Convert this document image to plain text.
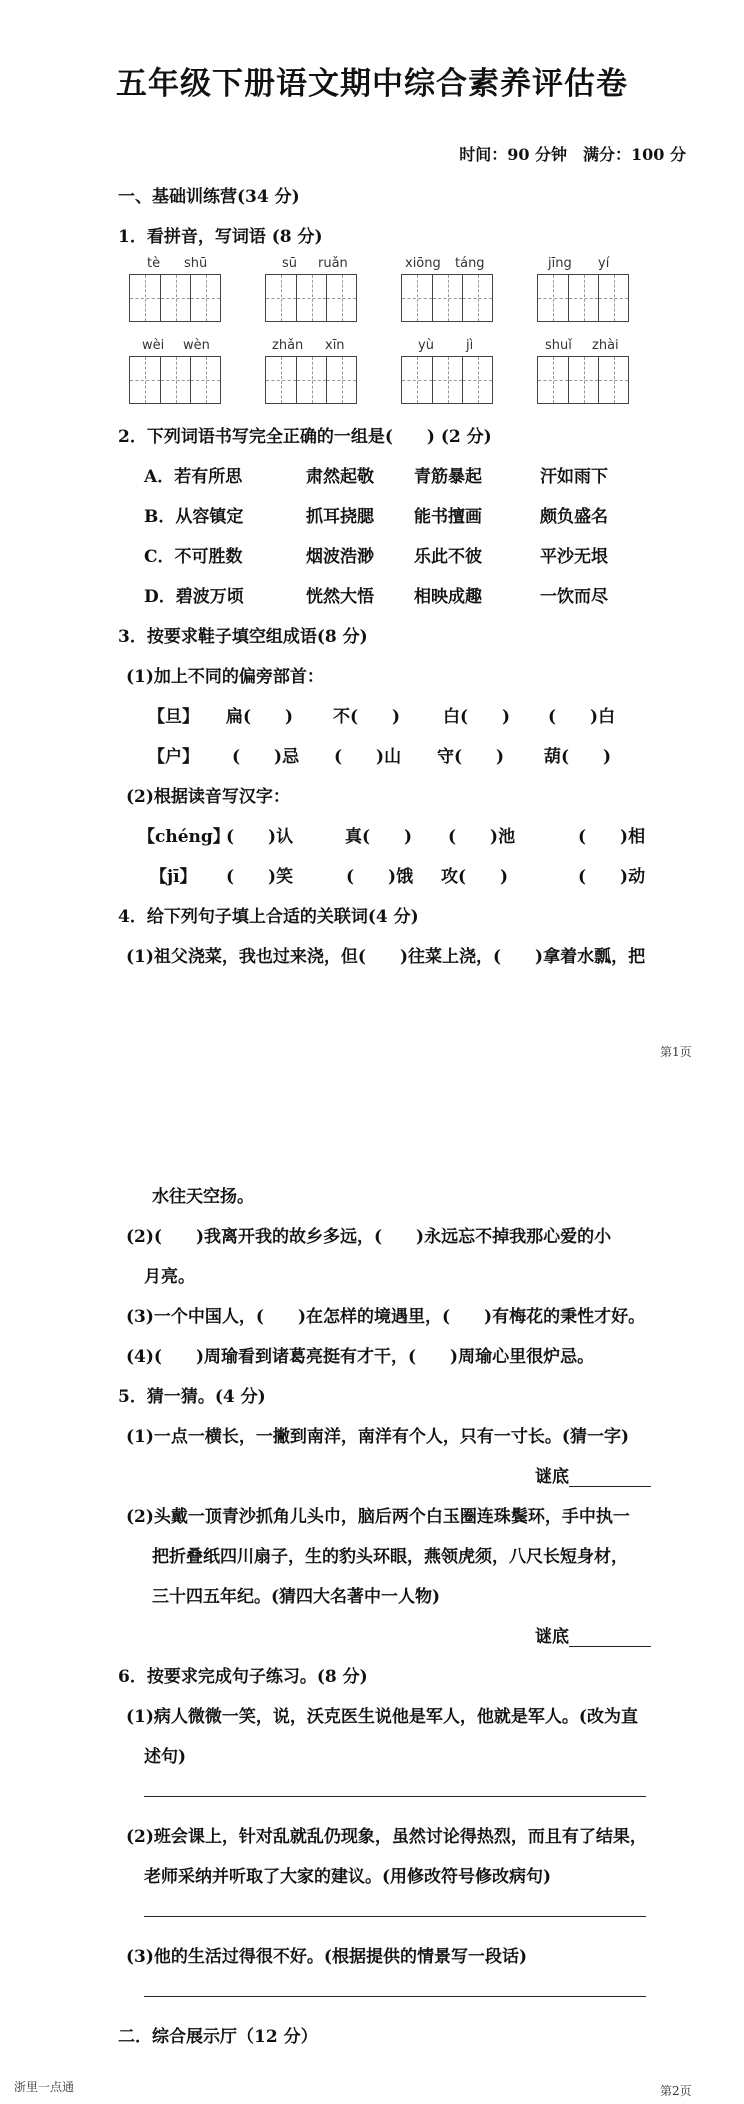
五年级下册语文期中综合素养评估卷
时间：90 分钟　满分：100 分
一、基础训练营(34 分)
1．看拼音，写词语 (8 分)
tè shū	sū ruǎn	xiōng táng	jīng yí
wèi wèn	zhǎn xīn	yù jì	shuǐ zhài
2．下列词语书写完全正确的一组是(　　) (2 分)
A．若有所思	肃然起敬 青筋暴起	汗如雨下
B．从容镇定	抓耳挠腮 能书擅画	颇负盛名
C．不可胜数	烟波浩渺 乐此不彼	平沙无垠
D．碧波万顷	恍然大悟 相映成趣	一饮而尽
3．按要求鞋子填空组成语(8 分)
(1)加上不同的偏旁部首：
【旦】 扁(　　) 不(　　)	白(　　) (　　)白
【户】 (　　)忌 (　　)山 守(　　) 葫(　　)
(2)根据读音写汉字：
【chéng】
(　　)认	真(　　) (　　)池	(　　)相
【jī】 (　　)笑	(　　)饿 攻(　　)	(　　)动
4．给下列句子填上合适的关联词(4 分)
(1)祖父浇菜，我也过来浇，但(　　)往菜上浇，(　　)拿着水瓢，把
第1页
水往天空扬。
(2)(　　)我离开我的故乡多远，(　　)永远忘不掉我那心爱的小
月亮。
(3)一个中国人，(　　)在怎样的境遇里，(　　)有梅花的秉性才好。
(4)(　　)周瑜看到诸葛亮挺有才干，(　　)周瑜心里很炉忌。
5．猜一猜。(4 分)
(1)一点一横长，一撇到南洋，南洋有个人，只有一寸长。(猜一字)
谜底
(2)头戴一顶青沙抓角儿头巾，脑后两个白玉圈连珠鬓环，手中执一
把折叠纸四川扇子，生的豹头环眼，燕领虎须，八尺长短身材，
三十四五年纪。(猜四大名著中一人物)
谜底
6．按要求完成句子练习。(8 分)
(1)病人微微一笑，说，沃克医生说他是军人，他就是军人。(改为直
述句)
(2)班会课上，针对乱就乱仍现象，虽然讨论得热烈，而且有了结果，
老师采纳并听取了大家的建议。(用修改符号修改病句)
(3)他的生活过得很不好。(根据提供的情景写一段话)
二．综合展示厅（12 分）
浙里一点通	第2页
